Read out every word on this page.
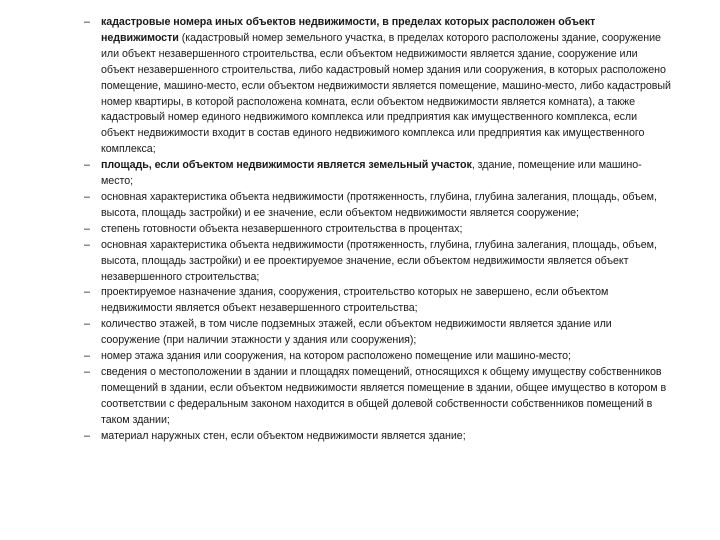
–	кадастровые номера иных объектов недвижимости, в пределах которых расположен объект недвижимости (кадастровый номер земельного участка, в пределах которого расположены здание, сооружение или объект незавершенного строительства, если объектом недвижимости является здание, сооружение или объект незавершенного строительства, либо кадастровый номер здания или сооружения, в которых расположено помещение, машино-место, если объектом недвижимости является помещение, машино-место, либо кадастровый номер квартиры, в которой расположена комната, если объектом недвижимости является комната), а также кадастровый номер единого недвижимого комплекса или предприятия как имущественного комплекса, если объект недвижимости входит в состав единого недвижимого комплекса или предприятия как имущественного комплекса;
–	площадь, если объектом недвижимости является земельный участок, здание, помещение или машино-место;
–	основная характеристика объекта недвижимости (протяженность, глубина, глубина залегания, площадь, объем, высота, площадь застройки) и ее значение, если объектом недвижимости является сооружение;
–	степень готовности объекта незавершенного строительства в процентах;
–	основная характеристика объекта недвижимости (протяженность, глубина, глубина залегания, площадь, объем, высота, площадь застройки) и ее проектируемое значение, если объектом недвижимости является объект незавершенного строительства;
–	проектируемое назначение здания, сооружения, строительство которых не завершено, если объектом недвижимости является объект незавершенного строительства;
–	количество этажей, в том числе подземных этажей, если объектом недвижимости является здание или сооружение (при наличии этажности у здания или сооружения);
–	номер этажа здания или сооружения, на котором расположено помещение или машино-место;
–	сведения о местоположении в здании и площадях помещений, относящихся к общему имуществу собственников помещений в здании, если объектом недвижимости является помещение в здании, общее имущество в котором в соответствии с федеральным законом находится в общей долевой собственности собственников помещений в таком здании;
–	материал наружных стен, если объектом недвижимости является здание;
